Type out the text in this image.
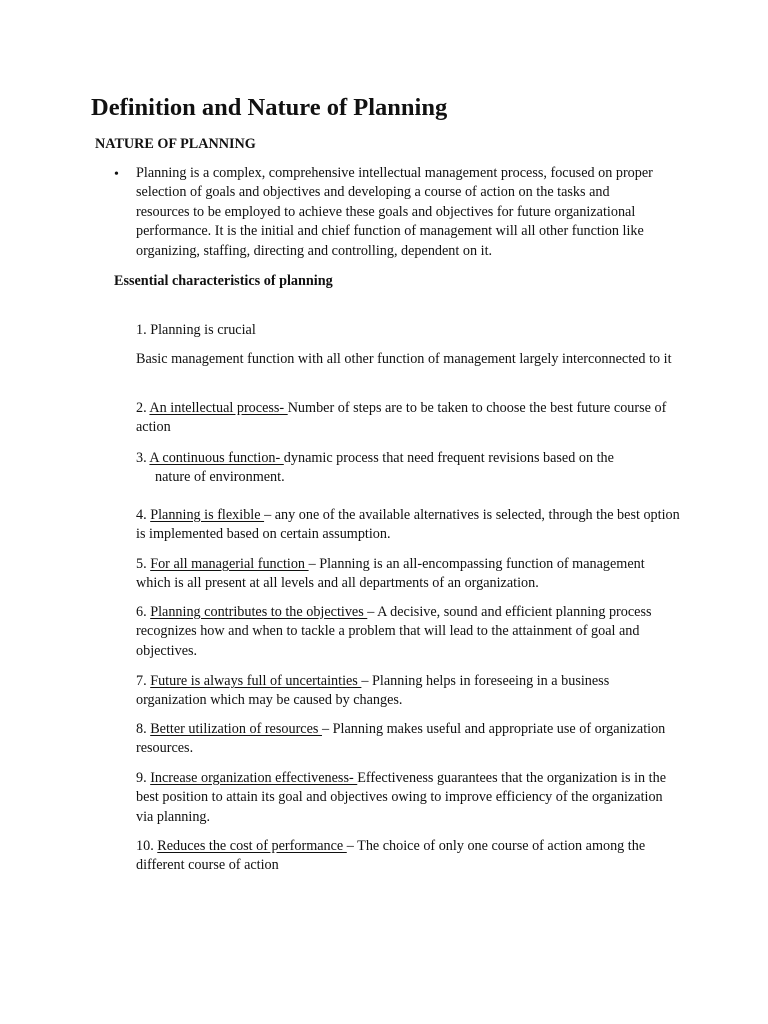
Definition and Nature of Planning
NATURE OF PLANNING
• Planning is a complex, comprehensive intellectual management process, focused on proper selection of goals and objectives and developing a course of action on the tasks and resources to be employed to achieve these goals and objectives for future organizational performance. It is the initial and chief function of management will all other function like organizing, staffing, directing and controlling, dependent on it.
Essential characteristics of planning
1. Planning is crucial
Basic management function with all other function of management largely interconnected to it
2. An intellectual process- Number of steps are to be taken to choose the best future course of action
3. A continuous function- dynamic process that need frequent revisions based on the
nature of environment.
4. Planning is flexible – any one of the available alternatives is selected, through the best option is implemented based on certain assumption.
5. For all managerial function – Planning is an all-encompassing function of management which is all present at all levels and all departments of an organization.
6. Planning contributes to the objectives – A decisive, sound and efficient planning process recognizes how and when to tackle a problem that will lead to the attainment of goal and objectives.
7. Future is always full of uncertainties – Planning helps in foreseeing in a business organization which may be caused by changes.
8. Better utilization of resources – Planning makes useful and appropriate use of organization resources.
9. Increase organization effectiveness- Effectiveness guarantees that the organization is in the best position to attain its goal and objectives owing to improve efficiency of the organization via planning.
10. Reduces the cost of performance – The choice of only one course of action among the different course of action
